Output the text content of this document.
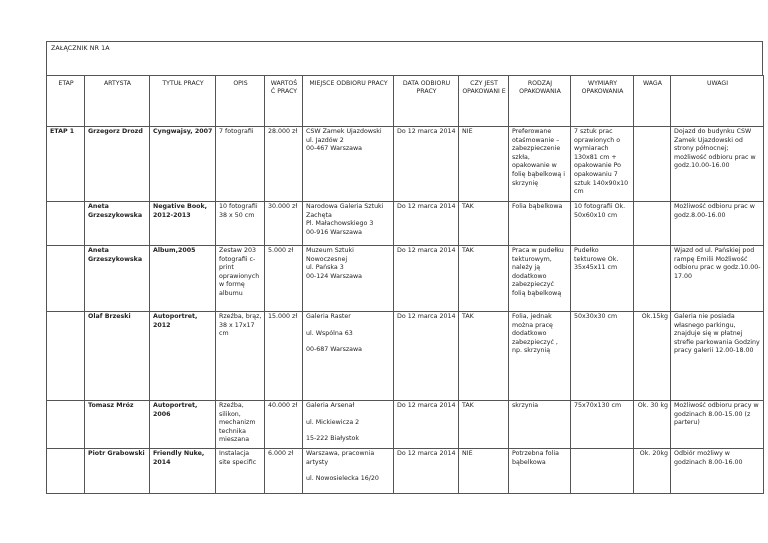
ZAŁĄCZNIK NR 1A
ETAP	ARTYSTA	TYTUŁ PRACY	OPIS	WARTOŚ Ć PRACY	MIEJSCE ODBIORU PRACY	DATA ODBIORU PRACY	CZY JEST OPAKOWANI E	RODZAJ OPAKOWANIA	WYMIARY OPAKOWANIA	WAGA	UWAGI
ETAP 1	Grzegorz Drozd	Cyngwajsy, 2007	7 fotografii	28.000 zł	CSW Zamek Ujazdowski
ul. Jazdów 2
00-467 Warszawa	Do 12 marca 2014	NIE	Preferowane otaśmowanie – zabezpieczenie szkła, opakowanie w folię bąbelkową i skrzynię	7 sztuk prac oprawionych o wymiarach 130x81 cm + opakowanie Po opakowaniu 7 sztuk 140x90x10 cm		Dojazd do budynku CSW Zamek Ujazdowski od strony północnej; możliwość odbioru prac w godz.10.00-16.00
	Aneta Grzeszykowska	Negative Book, 2012-2013	10 fotografii 38 x 50 cm	30.000 zł	Narodowa Galeria Sztuki Zachęta
Pl. Małachowskiego 3
00-916 Warszawa	Do 12 marca 2014	TAK	Folia bąbelkowa	10 fotografii Ok. 50x60x10 cm		Możliwość odbioru prac w godz.8.00-16.00
	Aneta Grzeszykowska	Album,2005	Zestaw 203 fotografii c-print oprawionych w formę albumu	5.000 zł	Muzeum Sztuki Nowoczesnej
ul. Pańska 3
00-124 Warszawa	Do 12 marca 2014	TAK	Praca w pudełku tekturowym, należy ją dodatkowo zabezpieczyć folią bąbelkową	Pudełko tekturowe Ok. 35x45x11 cm		Wjazd od ul. Pańskiej pod rampę Emilii Możliwość odbioru prac w godz.10.00-17.00
	Olaf Brzeski	Autoportret, 2012	Rzeźba, brąz, 38 x 17x17 cm	15.000 zł	Galeria Raster
ul. Wspólna 63
00-687 Warszawa	Do 12 marca 2014	TAK	Folia, jednak można pracę dodatkowo zabezpieczyć , np. skrzynią	50x30x30 cm	Ok.15kg	Galeria nie posiada własnego parkingu, znajduje się w płatnej strefie parkowania Godziny pracy galerii 12.00-18.00
	Tomasz Mróz	Autoportret, 2006	Rzeźba, silikon, mechanizm technika mieszana	40.000 zł	Galeria Arsenał
ul. Mickiewicza 2
15-222 Białystok	Do 12 marca 2014	TAK	skrzynia	75x70x130 cm	Ok. 30 kg	Możliwość odbioru pracy w godzinach 8.00-15.00 (z parteru)
	Piotr Grabowski	Friendly Nuke, 2014	Instalacja site specific	6.000 zł	Warszawa, pracownia artysty
ul. Nowosielecka 16/20	Do 12 marca 2014	NIE	Potrzebna folia bąbelkowa		Ok. 20kg	Odbiór możliwy w godzinach 8.00-16.00
